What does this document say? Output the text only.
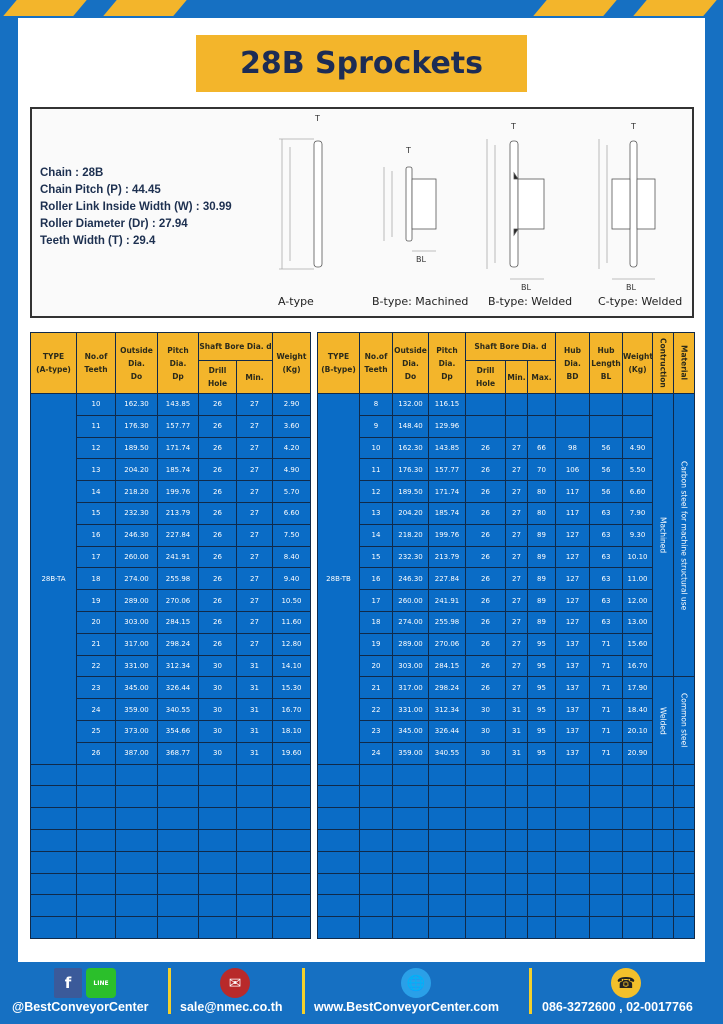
28B Sprockets
Chain : 28B
Chain Pitch (P) : 44.45
Roller Link Inside Width (W) : 30.99
Roller Diameter (Dr) : 27.94
Teeth Width (T) : 29.4
T
T
T	T
BL
BL	BL
A-type	B-type: Machined B-type: Welded C-type: Welded
TYPE
(A-type)	No.of
Teeth	Outside
Dia.
Do	Pitch Dia.
Dp	Shaft Bore Dia. d		Weight
(Kg)
				Drill Hole	Min.	
28B-TA	10	162.30	143.85	26	27	2.90
	11	176.30	157.77	26	27	3.60
	12	189.50	171.74	26	27	4.20
	13	204.20	185.74	26	27	4.90
	14	218.20	199.76	26	27	5.70
	15	232.30	213.79	26	27	6.60
	16	246.30	227.84	26	27	7.50
	17	260.00	241.91	26	27	8.40
	18	274.00	255.98	26	27	9.40
	19	289.00	270.06	26	27	10.50
	20	303.00	284.15	26	27	11.60
	21	317.00	298.24	26	27	12.80
	22	331.00	312.34	30	31	14.10
	23	345.00	326.44	30	31	15.30
	24	359.00	340.55	30	31	16.70
	25	373.00	354.66	30	31	18.10
	26	387.00	368.77	30	31	19.60

TYPE
(B-type)	No.of
Teeth	Outside
Dia.
Do	Pitch Dia.
Dp	Shaft Bore Dia. d			Hub Dia.
BD	Hub
Length
BL	Weight
(Kg)	Contruction	Material
				Drill Hole	Min.	Max.					
28B-TB	8	132.00	116.15							Machined	Carbon steel for machine structural use
	9	148.40	129.96								
	10	162.30	143.85	26	27	66	98	56	4.90		
	11	176.30	157.77	26	27	70	106	56	5.50		
	12	189.50	171.74	26	27	80	117	56	6.60		
	13	204.20	185.74	26	27	80	117	63	7.90		
	14	218.20	199.76	26	27	89	127	63	9.30		
	15	232.30	213.79	26	27	89	127	63	10.10		
	16	246.30	227.84	26	27	89	127	63	11.00		
	17	260.00	241.91	26	27	89	127	63	12.00		
	18	274.00	255.98	26	27	89	127	63	13.00		
	19	289.00	270.06	26	27	95	137	71	15.60		
	20	303.00	284.15	26	27	95	137	71	16.70		
	21	317.00	298.24	26	27	95	137	71	17.90	Welded	Common steel
	22	331.00	312.34	30	31	95	137	71	18.40		
	23	345.00	326.44	30	31	95	137	71	20.10		
	24	359.00	340.55	30	31	95	137	71	20.90		

f	LINE
@BestConveyorCenter
✉
sale@nmec.co.th
🌐
www.BestConveyorCenter.com
☎
086-3272600 , 02-0017766
